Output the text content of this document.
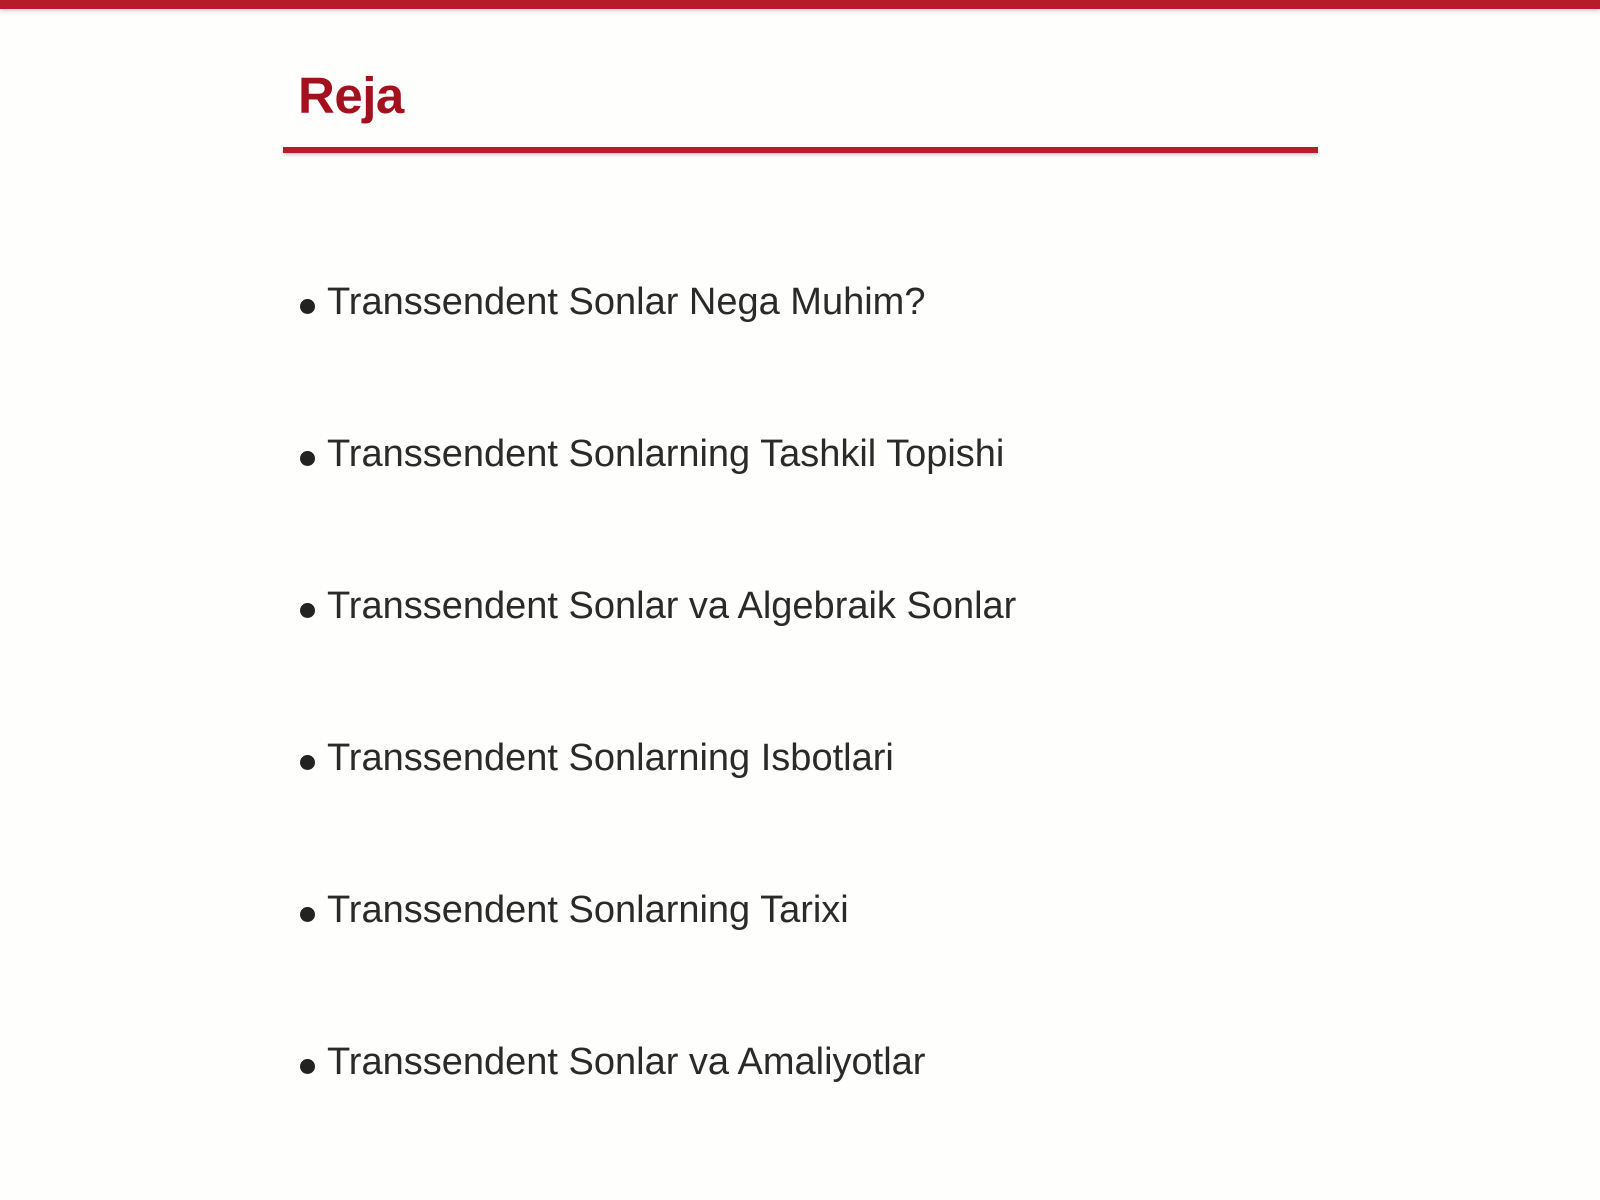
Reja
Transsendent Sonlar Nega Muhim?
Transsendent Sonlarning Tashkil Topishi
Transsendent Sonlar va Algebraik Sonlar
Transsendent Sonlarning Isbotlari
Transsendent Sonlarning Tarixi
Transsendent Sonlar va Amaliyotlar
